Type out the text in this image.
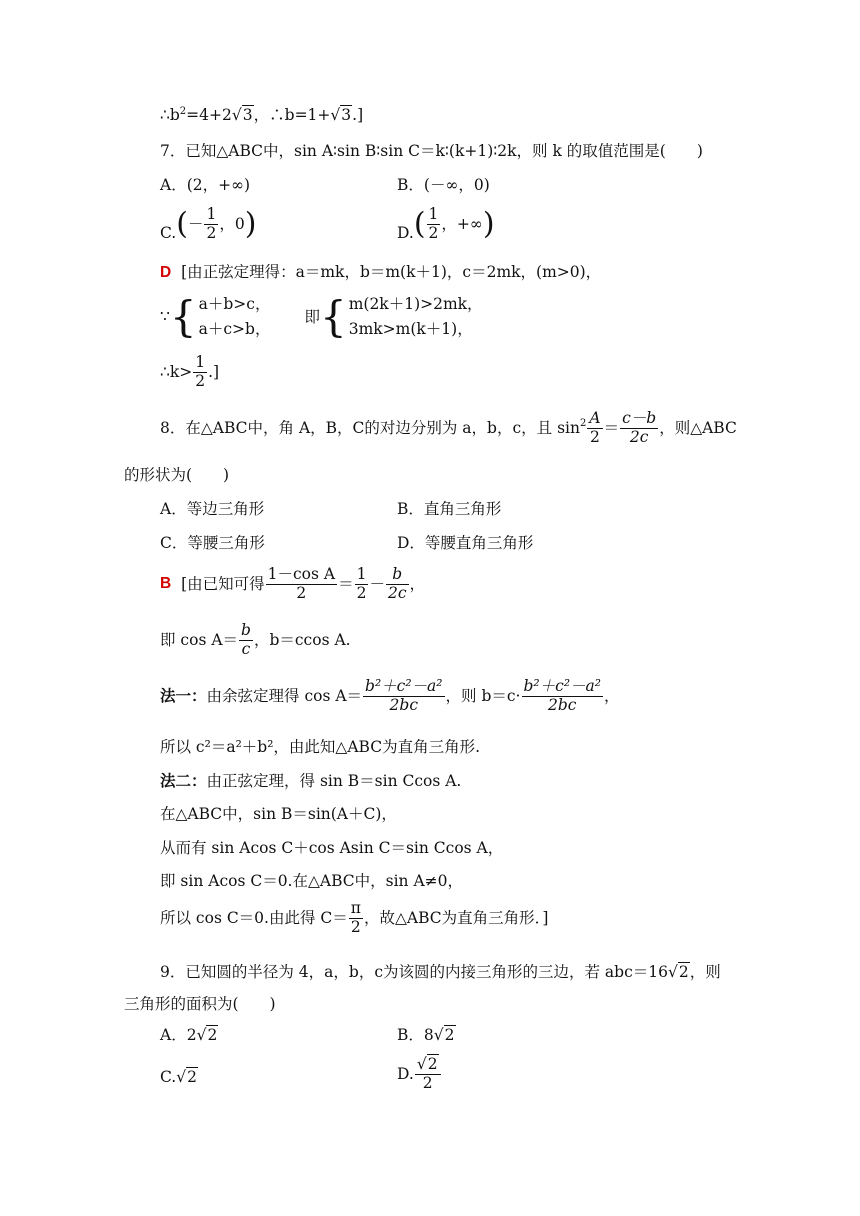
$\therefore b^2=4+2√3$，∴b=1+√3.]
7．已知△ABC中，sin A∶sin B∶sin C＝k∶(k+1)∶2k，则 k 的取值范围是(　　)
A．(2，+∞)	B．(－∞，0)
$C.(- \frac{1}{2}$ ，0)	$D.( \frac{1}{2}$ ，+∞)
D [由正弦定理得：a＝mk，b＝m(k＋1)，c＝2mk，(m>0)，
∵{ a＋b>c，
a＋c>b，
即{ m(2k＋1)>2mk，
3mk>m(k＋1)，
∴k> $\frac{1}{2}$ .]
8．在△ABC中，角 A，B，C的对边分别为 a，b，c，且 $\sin^2 \frac{A}{2} = \frac{c-b}{2c}$ ，则△ABC
的形状为(　　)
A．等边三角形	B．直角三角形
C．等腰三角形	D．等腰直角三角形
B [由已知可得 $\frac{\text{1－cos A}}{2} = \frac{1}{2} - \frac{b}{2c}$ ，
即 $\cos A= \frac{b}{c}$ ，b＝ccos A.
法一：由余弦定理得 $\cos A= \frac{\text{b²＋c²－a²}}{2bc}$ ，则 $b=c\cdot \frac{\text{b²＋c²－a²}}{2bc}$ ，
所以 c²＝a²＋b²，由此知△ABC为直角三角形.
法二：由正弦定理，得 sin B＝sin Ccos A.
在△ABC中，sin B＝sin(A＋C)，
从而有 sin Acos C＋cos Asin C＝sin Ccos A，
即 sin Acos C＝0.在△ABC中，sin A≠0，
所以 cos C＝0.由此得 $C= \frac{\pi}{2}$ ，故△ABC为直角三角形．]
9．已知圆的半径为 4，a，b，c为该圆的内接三角形的三边，若 abc＝16√2，则
三角形的面积为(　　)
A．2√2	B．8√2
C.√2	D. $\frac{√2}{2}$
